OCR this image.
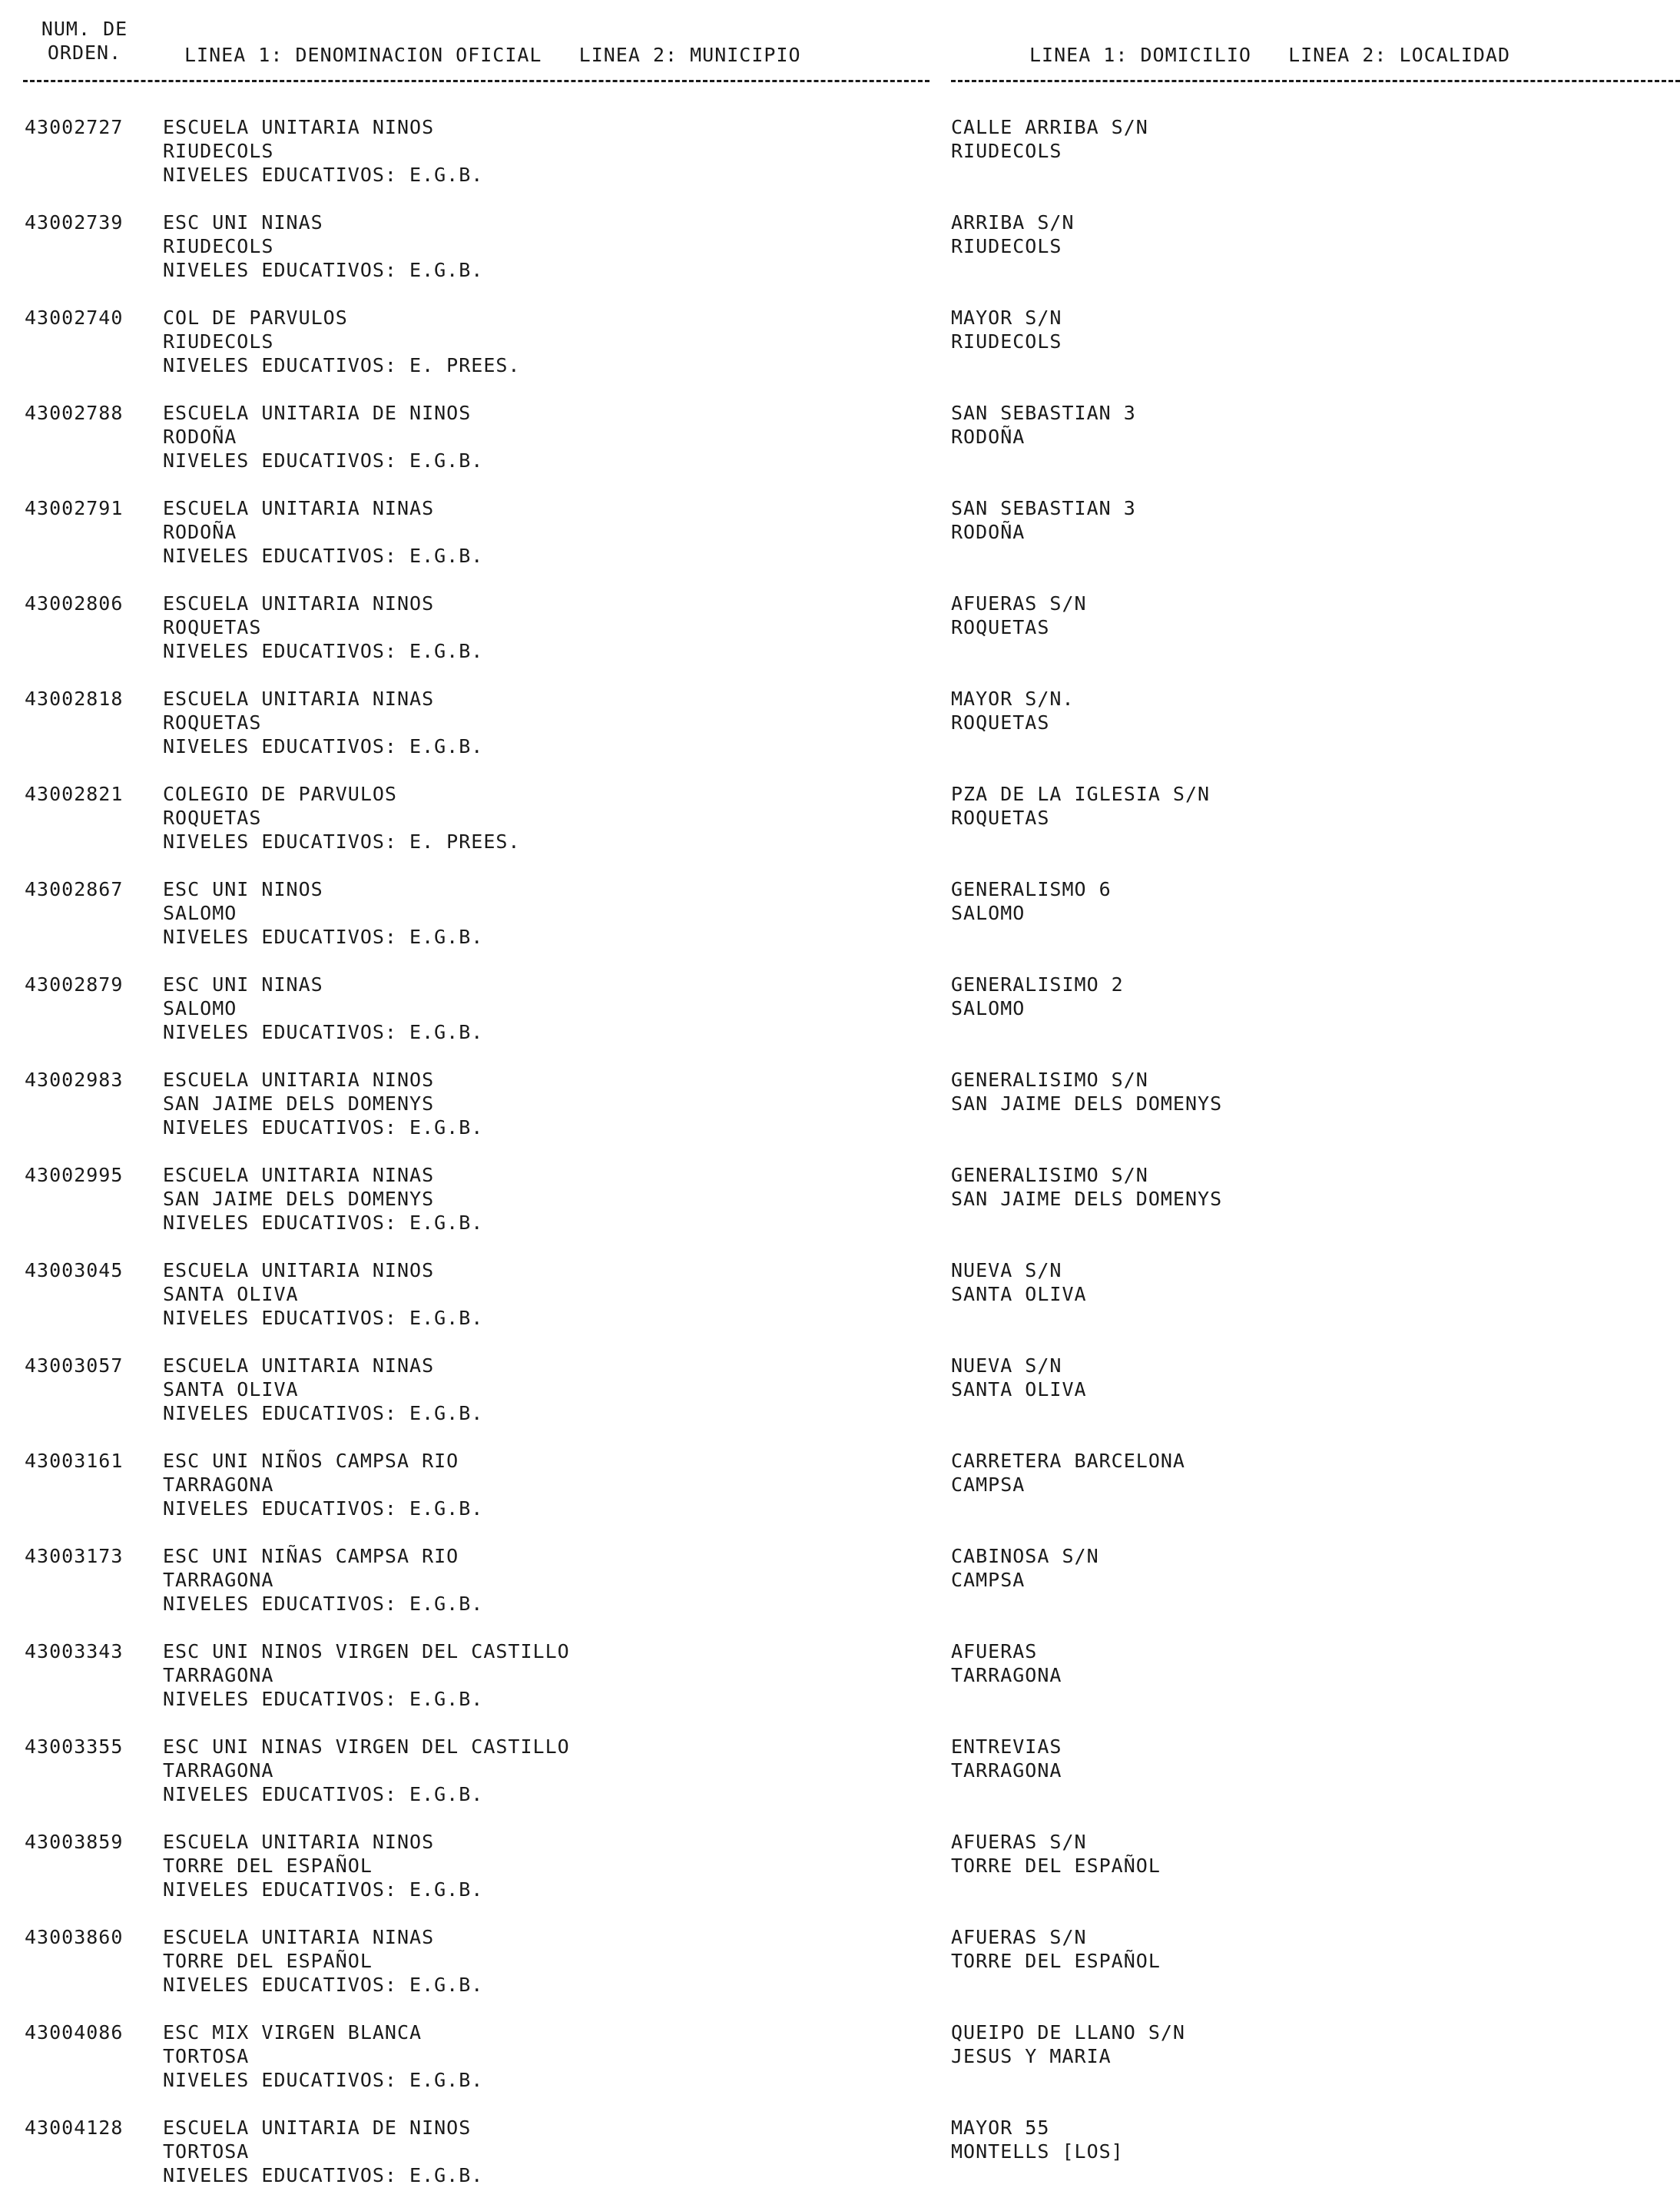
NUM. DE
ORDEN.	LINEA 1: DENOMINACION OFICIAL   LINEA 2: MUNICIPIO	LINEA 1: DOMICILIO   LINEA 2: LOCALIDAD
43002727 ESCUELA UNITARIA NINOS
RIUDECOLS
NIVELES EDUCATIVOS: E.G.B.
CALLE ARRIBA S/N
RIUDECOLS
43002739 ESC UNI NINAS
RIUDECOLS
NIVELES EDUCATIVOS: E.G.B.
ARRIBA S/N
RIUDECOLS
43002740 COL DE PARVULOS
RIUDECOLS
NIVELES EDUCATIVOS: E. PREES.
MAYOR S/N
RIUDECOLS
43002788 ESCUELA UNITARIA DE NINOS
RODOÑA
NIVELES EDUCATIVOS: E.G.B.
SAN SEBASTIAN 3
RODOÑA
43002791 ESCUELA UNITARIA NINAS
RODOÑA
NIVELES EDUCATIVOS: E.G.B.
SAN SEBASTIAN 3
RODOÑA
43002806 ESCUELA UNITARIA NINOS
ROQUETAS
NIVELES EDUCATIVOS: E.G.B.
AFUERAS S/N
ROQUETAS
43002818 ESCUELA UNITARIA NINAS
ROQUETAS
NIVELES EDUCATIVOS: E.G.B.
MAYOR S/N.
ROQUETAS
43002821 COLEGIO DE PARVULOS
ROQUETAS
NIVELES EDUCATIVOS: E. PREES.
PZA DE LA IGLESIA S/N
ROQUETAS
43002867 ESC UNI NINOS
SALOMO
NIVELES EDUCATIVOS: E.G.B.
GENERALISMO 6
SALOMO
43002879 ESC UNI NINAS
SALOMO
NIVELES EDUCATIVOS: E.G.B.
GENERALISIMO 2
SALOMO
43002983 ESCUELA UNITARIA NINOS
SAN JAIME DELS DOMENYS
NIVELES EDUCATIVOS: E.G.B.
GENERALISIMO S/N
SAN JAIME DELS DOMENYS
43002995 ESCUELA UNITARIA NINAS
SAN JAIME DELS DOMENYS
NIVELES EDUCATIVOS: E.G.B.
GENERALISIMO S/N
SAN JAIME DELS DOMENYS
43003045 ESCUELA UNITARIA NINOS
SANTA OLIVA
NIVELES EDUCATIVOS: E.G.B.
NUEVA S/N
SANTA OLIVA
43003057 ESCUELA UNITARIA NINAS
SANTA OLIVA
NIVELES EDUCATIVOS: E.G.B.
NUEVA S/N
SANTA OLIVA
43003161 ESC UNI NIÑOS CAMPSA RIO
TARRAGONA
NIVELES EDUCATIVOS: E.G.B.
CARRETERA BARCELONA
CAMPSA
43003173 ESC UNI NIÑAS CAMPSA RIO
TARRAGONA
NIVELES EDUCATIVOS: E.G.B.
CABINOSA S/N
CAMPSA
43003343 ESC UNI NINOS VIRGEN DEL CASTILLO
TARRAGONA
NIVELES EDUCATIVOS: E.G.B.
AFUERAS
TARRAGONA
43003355 ESC UNI NINAS VIRGEN DEL CASTILLO
TARRAGONA
NIVELES EDUCATIVOS: E.G.B.
ENTREVIAS
TARRAGONA
43003859 ESCUELA UNITARIA NINOS
TORRE DEL ESPAÑOL
NIVELES EDUCATIVOS: E.G.B.
AFUERAS S/N
TORRE DEL ESPAÑOL
43003860 ESCUELA UNITARIA NINAS
TORRE DEL ESPAÑOL
NIVELES EDUCATIVOS: E.G.B.
AFUERAS S/N
TORRE DEL ESPAÑOL
43004086 ESC MIX VIRGEN BLANCA
TORTOSA
NIVELES EDUCATIVOS: E.G.B.
QUEIPO DE LLANO S/N
JESUS Y MARIA
43004128 ESCUELA UNITARIA DE NINOS
TORTOSA
NIVELES EDUCATIVOS: E.G.B.
MAYOR 55
MONTELLS [LOS]
